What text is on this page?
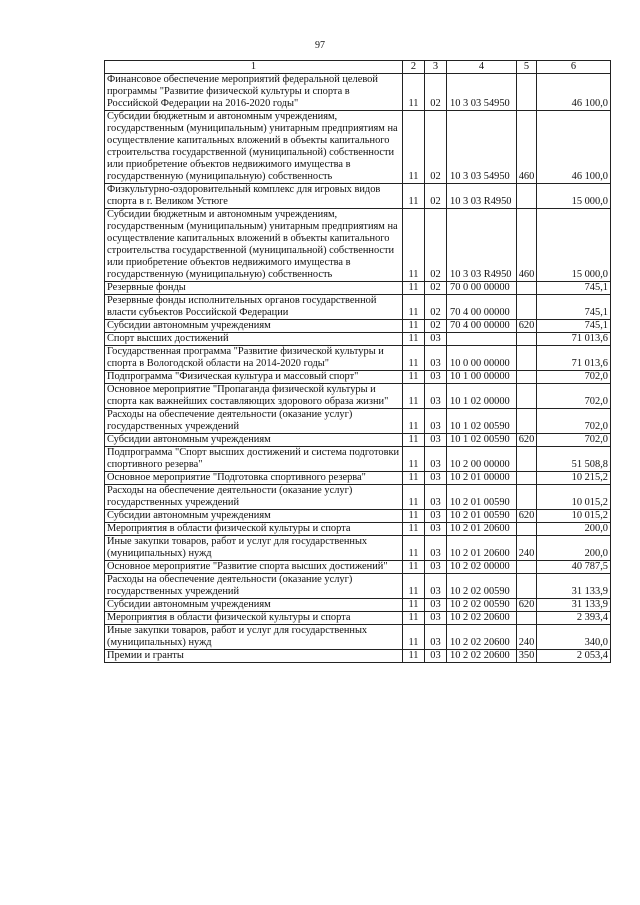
97
1	2	3	4	5	6
Финансовое обеспечение мероприятий федеральной целевой программы "Развитие физической культуры и спорта в Российской Федерации на 2016-2020 годы"	11	02	10 3 03 54950		46 100,0
Субсидии бюджетным и автономным учреждениям, государственным (муниципальным) унитарным предприятиям на осуществление капитальных вложений в объекты капитального строительства государственной (муниципальной) собственности или приобретение объектов недвижимого имущества в государственную (муниципальную) собственность	11	02	10 3 03 54950	460	46 100,0
Физкультурно-оздоровительный комплекс для игровых видов спорта в г. Великом Устюге	11	02	10 3 03 R4950		15 000,0
Субсидии бюджетным и автономным учреждениям, государственным (муниципальным) унитарным предприятиям на осуществление капитальных вложений в объекты капитального строительства государственной (муниципальной) собственности или приобретение объектов недвижимого имущества в государственную (муниципальную) собственность	11	02	10 3 03 R4950	460	15 000,0
Резервные фонды	11	02	70 0 00 00000		745,1
Резервные фонды исполнительных органов государственной власти субъектов Российской Федерации	11	02	70 4 00 00000		745,1
Субсидии автономным учреждениям	11	02	70 4 00 00000	620	745,1
Спорт высших достижений	11	03			71 013,6
Государственная программа "Развитие физической культуры и спорта в Вологодской области на 2014-2020 годы"	11	03	10 0 00 00000		71 013,6
Подпрограмма "Физическая культура и массовый спорт"	11	03	10 1 00 00000		702,0
Основное мероприятие "Пропаганда физической культуры и спорта как важнейших составляющих здорового образа жизни"	11	03	10 1 02 00000		702,0
Расходы на обеспечение деятельности (оказание услуг) государственных учреждений	11	03	10 1 02 00590		702,0
Субсидии автономным учреждениям	11	03	10 1 02 00590	620	702,0
Подпрограмма "Спорт высших достижений и система подготовки спортивного резерва"	11	03	10 2 00 00000		51 508,8
Основное мероприятие "Подготовка спортивного резерва"	11	03	10 2 01 00000		10 215,2
Расходы на обеспечение деятельности (оказание услуг) государственных учреждений	11	03	10 2 01 00590		10 015,2
Субсидии автономным учреждениям	11	03	10 2 01 00590	620	10 015,2
Мероприятия в области физической культуры и спорта	11	03	10 2 01 20600		200,0
Иные закупки товаров, работ и услуг для государственных (муниципальных) нужд	11	03	10 2 01 20600	240	200,0
Основное мероприятие "Развитие спорта высших достижений"	11	03	10 2 02 00000		40 787,5
Расходы на обеспечение деятельности (оказание услуг) государственных учреждений	11	03	10 2 02 00590		31 133,9
Субсидии автономным учреждениям	11	03	10 2 02 00590	620	31 133,9
Мероприятия в области физической культуры и спорта	11	03	10 2 02 20600		2 393,4
Иные закупки товаров, работ и услуг для государственных (муниципальных) нужд	11	03	10 2 02 20600	240	340,0
Премии и гранты	11	03	10 2 02 20600	350	2 053,4
